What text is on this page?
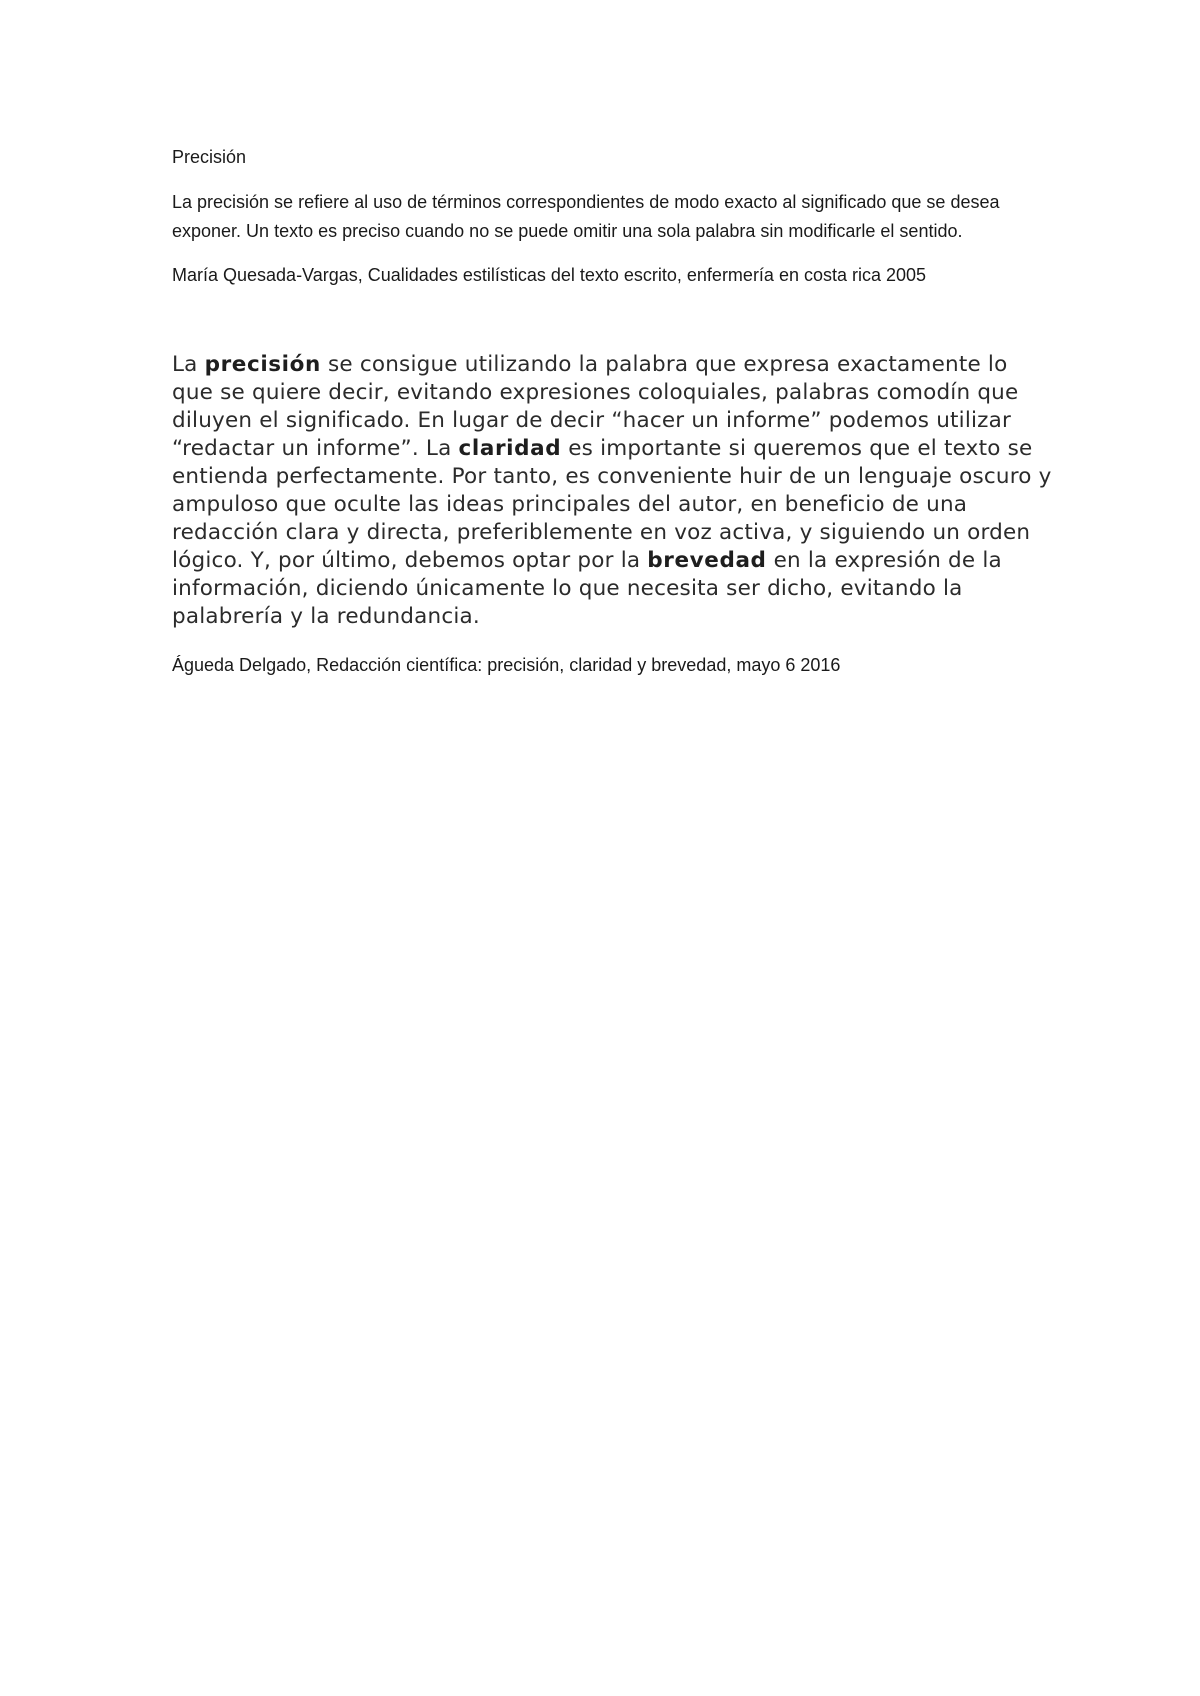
Precisión

La precisión se refiere al uso de términos correspondientes de modo exacto al significado que se desea exponer. Un texto es preciso cuando no se puede omitir una sola palabra sin modificarle el sentido.

María Quesada-Vargas, Cualidades estilísticas del texto escrito, enfermería en costa rica 2005

La precisión se consigue utilizando la palabra que expresa exactamente lo que se quiere decir, evitando expresiones coloquiales, palabras comodín que diluyen el significado. En lugar de decir “hacer un informe” podemos utilizar “redactar un informe”. La claridad es importante si queremos que el texto se entienda perfectamente. Por tanto, es conveniente huir de un lenguaje oscuro y ampuloso que oculte las ideas principales del autor, en beneficio de una redacción clara y directa, preferiblemente en voz activa, y siguiendo un orden lógico. Y, por último, debemos optar por la brevedad en la expresión de la información, diciendo únicamente lo que necesita ser dicho, evitando la palabrería y la redundancia.

Águeda Delgado, Redacción científica: precisión, claridad y brevedad, mayo 6 2016
